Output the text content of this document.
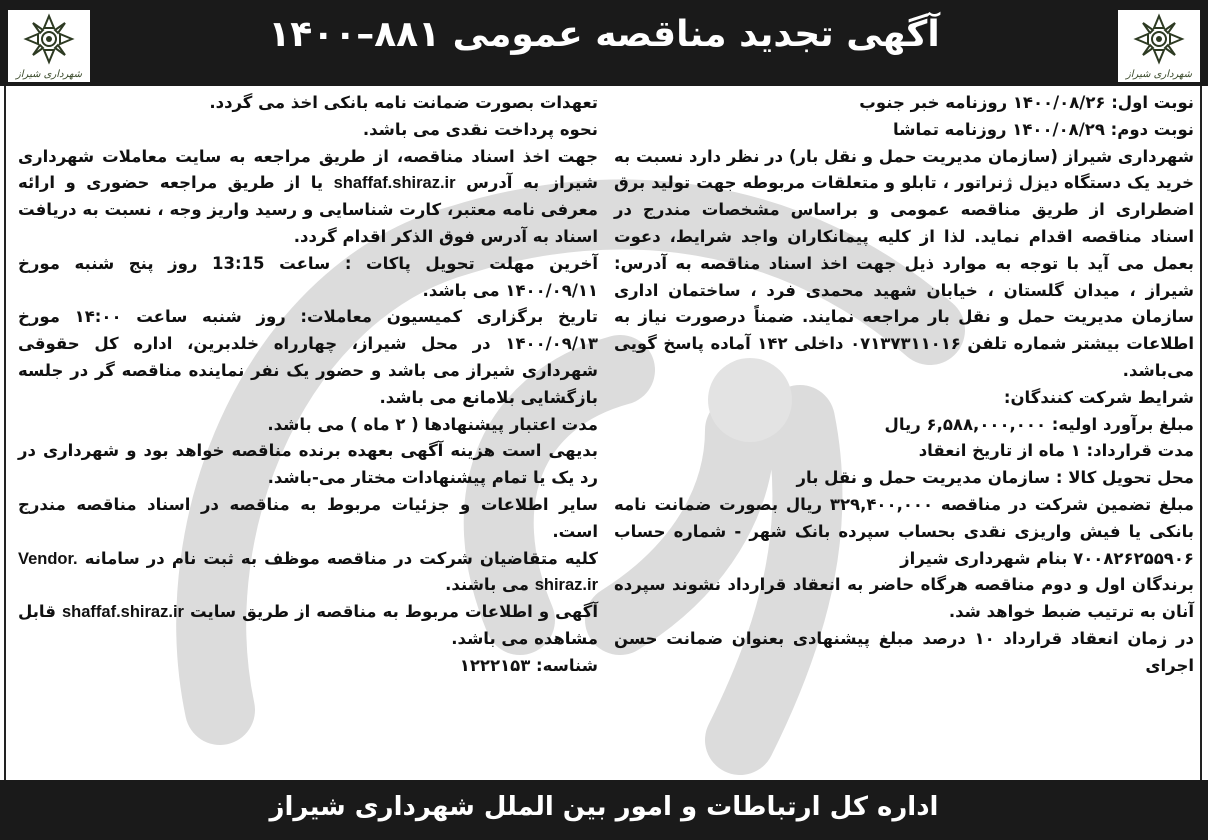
آگهی تجدید مناقصه عمومی ۸۸۱–۱۴۰۰
شهرداری شیراز	شهرداری شیراز

نوبت اول: ۱۴۰۰/۰۸/۲۶ روزنامه خبر جنوب

نوبت دوم: ۱۴۰۰/۰۸/۲۹ روزنامه تماشا

شهرداری شیراز (سازمان مدیریت حمل و نقل بار) در نظر دارد نسبت به خرید یک دستگاه دیزل ژنراتور ، تابلو و متعلقات مربوطه جهت تولید برق اضطراری از طریق مناقصه عمومی و براساس مشخصات مندرج در اسناد مناقصه اقدام نماید. لذا از کلیه پیمانکاران واجد شرایط، دعوت بعمل می آید با توجه به موارد ذیل جهت اخذ اسناد مناقصه به آدرس: شیراز ، میدان گلستان ، خیابان شهید محمدی فرد ، ساختمان اداری سازمان مدیریت حمل و نقل بار مراجعه نمایند. ضمناً درصورت نیاز به اطلاعات بیشتر شماره تلفن ۰۷۱۳۷۳۱۱۰۱۶ داخلی ۱۴۲ آماده پاسخ گویی می‌باشد.

شرایط شرکت کنندگان:

مبلغ برآورد اولیه: ۶,۵۸۸,۰۰۰,۰۰۰ ریال

مدت قرارداد: ۱ ماه از تاریخ انعقاد

محل تحویل کالا : سازمان مدیریت حمل و نقل بار

مبلغ تضمین شرکت در مناقصه ۳۲۹,۴۰۰,۰۰۰ ریال بصورت ضمانت نامه بانکی یا فیش واریزی نقدی بحساب سپرده بانک شهر - شماره حساب ۷۰۰۸۲۶۲۵۵۹۰۶ بنام شهرداری شیراز

برندگان اول و دوم مناقصه هرگاه حاضر به انعقاد قرارداد نشوند سپرده آنان به ترتیب ضبط خواهد شد.

در زمان انعقاد قرارداد ۱۰ درصد مبلغ پیشنهادی بعنوان ضمانت حسن اجرای

تعهدات بصورت ضمانت نامه بانکی اخذ می گردد.

نحوه پرداخت نقدی می باشد.

جهت اخذ اسناد مناقصه، از طریق مراجعه به سایت معاملات شهرداری شیراز به آدرس shaffaf.shiraz.ir یا از طریق مراجعه حضوری و ارائه معرفی نامه معتبر، کارت شناسایی و رسید واریز وجه ، نسبت به دریافت اسناد به آدرس فوق الذکر اقدام گردد.

آخرین مهلت تحویل پاکات : ساعت 13:15 روز پنج شنبه مورخ ۱۴۰۰/۰۹/۱۱ می باشد.

تاریخ برگزاری کمیسیون معاملات: روز شنبه ساعت ۱۴:۰۰ مورخ ۱۴۰۰/۰۹/۱۳ در محل شیراز، چهارراه خلدبرین، اداره کل حقوقی شهرداری شیراز می باشد و حضور یک نفر نماینده مناقصه گر در جلسه بازگشایی بلامانع می باشد.

مدت اعتبار پیشنهادها ( ۲ ماه ) می باشد.

بدیهی است هزینه آگهی بعهده برنده مناقصه خواهد بود و شهرداری در رد یک یا تمام پیشنهادات مختار می-باشد.

سایر اطلاعات و جزئیات مربوط به مناقصه در اسناد مناقصه مندرج است.

کلیه متقاضیان شرکت در مناقصه موظف به ثبت نام در سامانه Vendor. shiraz.ir می باشند.

آگهی و اطلاعات مربوط به مناقصه از طریق سایت shaffaf.shiraz.ir قابل مشاهده می باشد.

شناسه: ۱۲۲۲۱۵۳

اداره کل ارتباطات و امور بین الملل شهرداری شیراز
